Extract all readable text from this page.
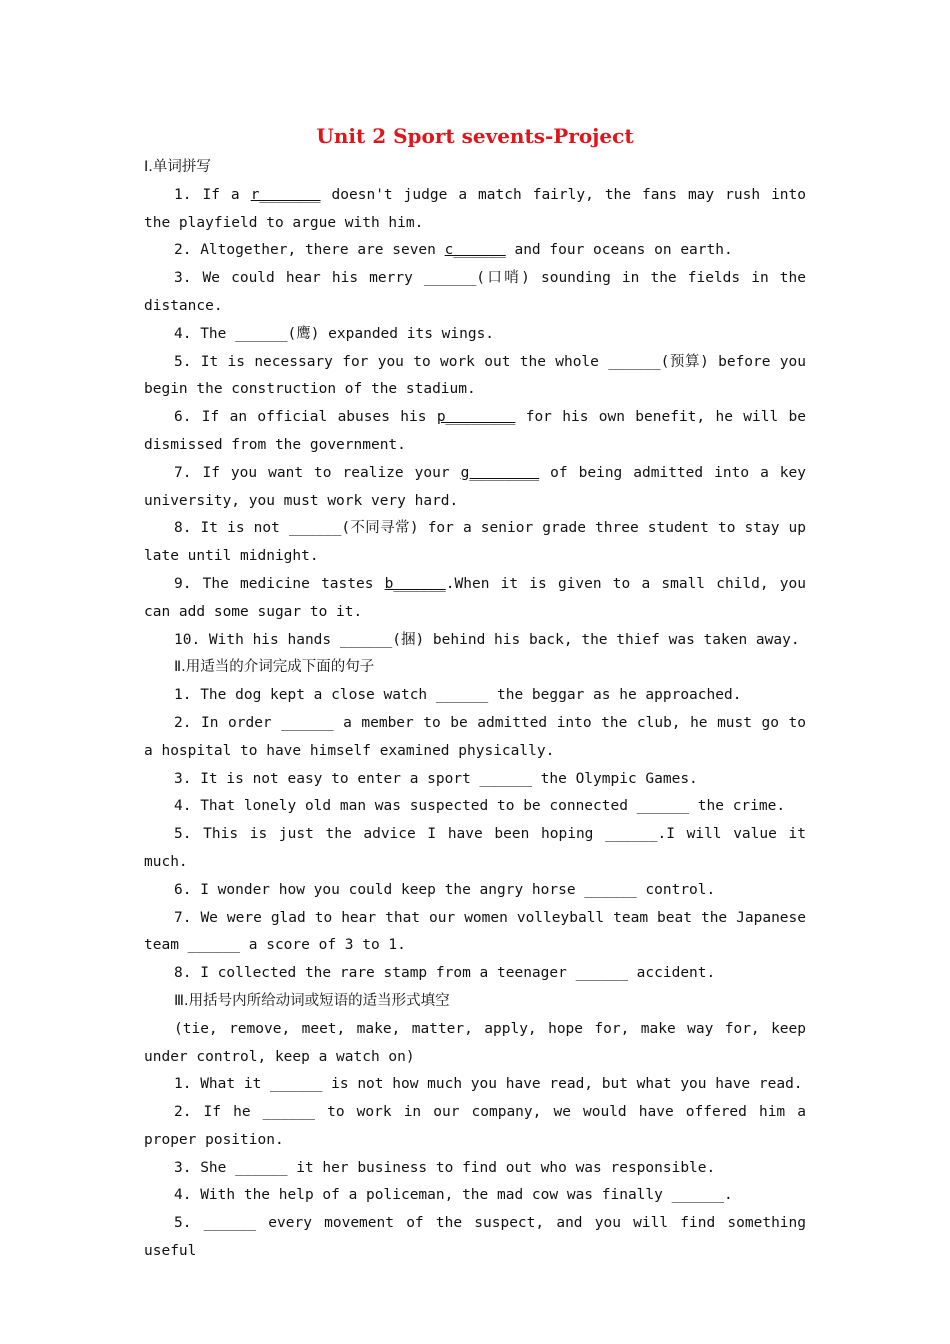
Unit 2 Sport sevents-Project
Ⅰ.单词拼写

1. If a r_______ doesn't judge a match fairly, the fans may rush into the playfield to argue with him.

2. Altogether, there are seven c______ and four oceans on earth.

3. We could hear his merry ______(口哨) sounding in the fields in the distance.

4. The ______(鹰) expanded its wings.

5. It is necessary for you to work out the whole ______(预算) before you begin the construction of the stadium.

6. If an official abuses his p________ for his own benefit, he will be dismissed from the government.

7. If you want to realize your g________ of being admitted into a key university, you must work very hard.

8. It is not ______(不同寻常) for a senior grade three student to stay up late until midnight.

9. The medicine tastes b______.When it is given to a small child, you can add some sugar to it.

10. With his hands ______(捆) behind his back, the thief was taken away.

Ⅱ.用适当的介词完成下面的句子

1. The dog kept a close watch ______ the beggar as he approached.

2. In order ______ a member to be admitted into the club, he must go to a hospital to have himself examined physically.

3. It is not easy to enter a sport ______ the Olympic Games.

4. That lonely old man was suspected to be connected ______ the crime.

5. This is just the advice I have been hoping ______.I will value it much.

6. I wonder how you could keep the angry horse ______ control.

7. We were glad to hear that our women volleyball team beat the Japanese team ______ a score of 3 to 1.

8. I collected the rare stamp from a teenager ______ accident.

Ⅲ.用括号内所给动词或短语的适当形式填空

(tie, remove, meet, make, matter, apply, hope for, make way for, keep under control, keep a watch on)

1. What it ______ is not how much you have read, but what you have read.

2. If he ______ to work in our company, we would have offered him a proper position.

3. She ______ it her business to find out who was responsible.

4. With the help of a policeman, the mad cow was finally ______.

5. ______ every movement of the suspect, and you will find something useful
